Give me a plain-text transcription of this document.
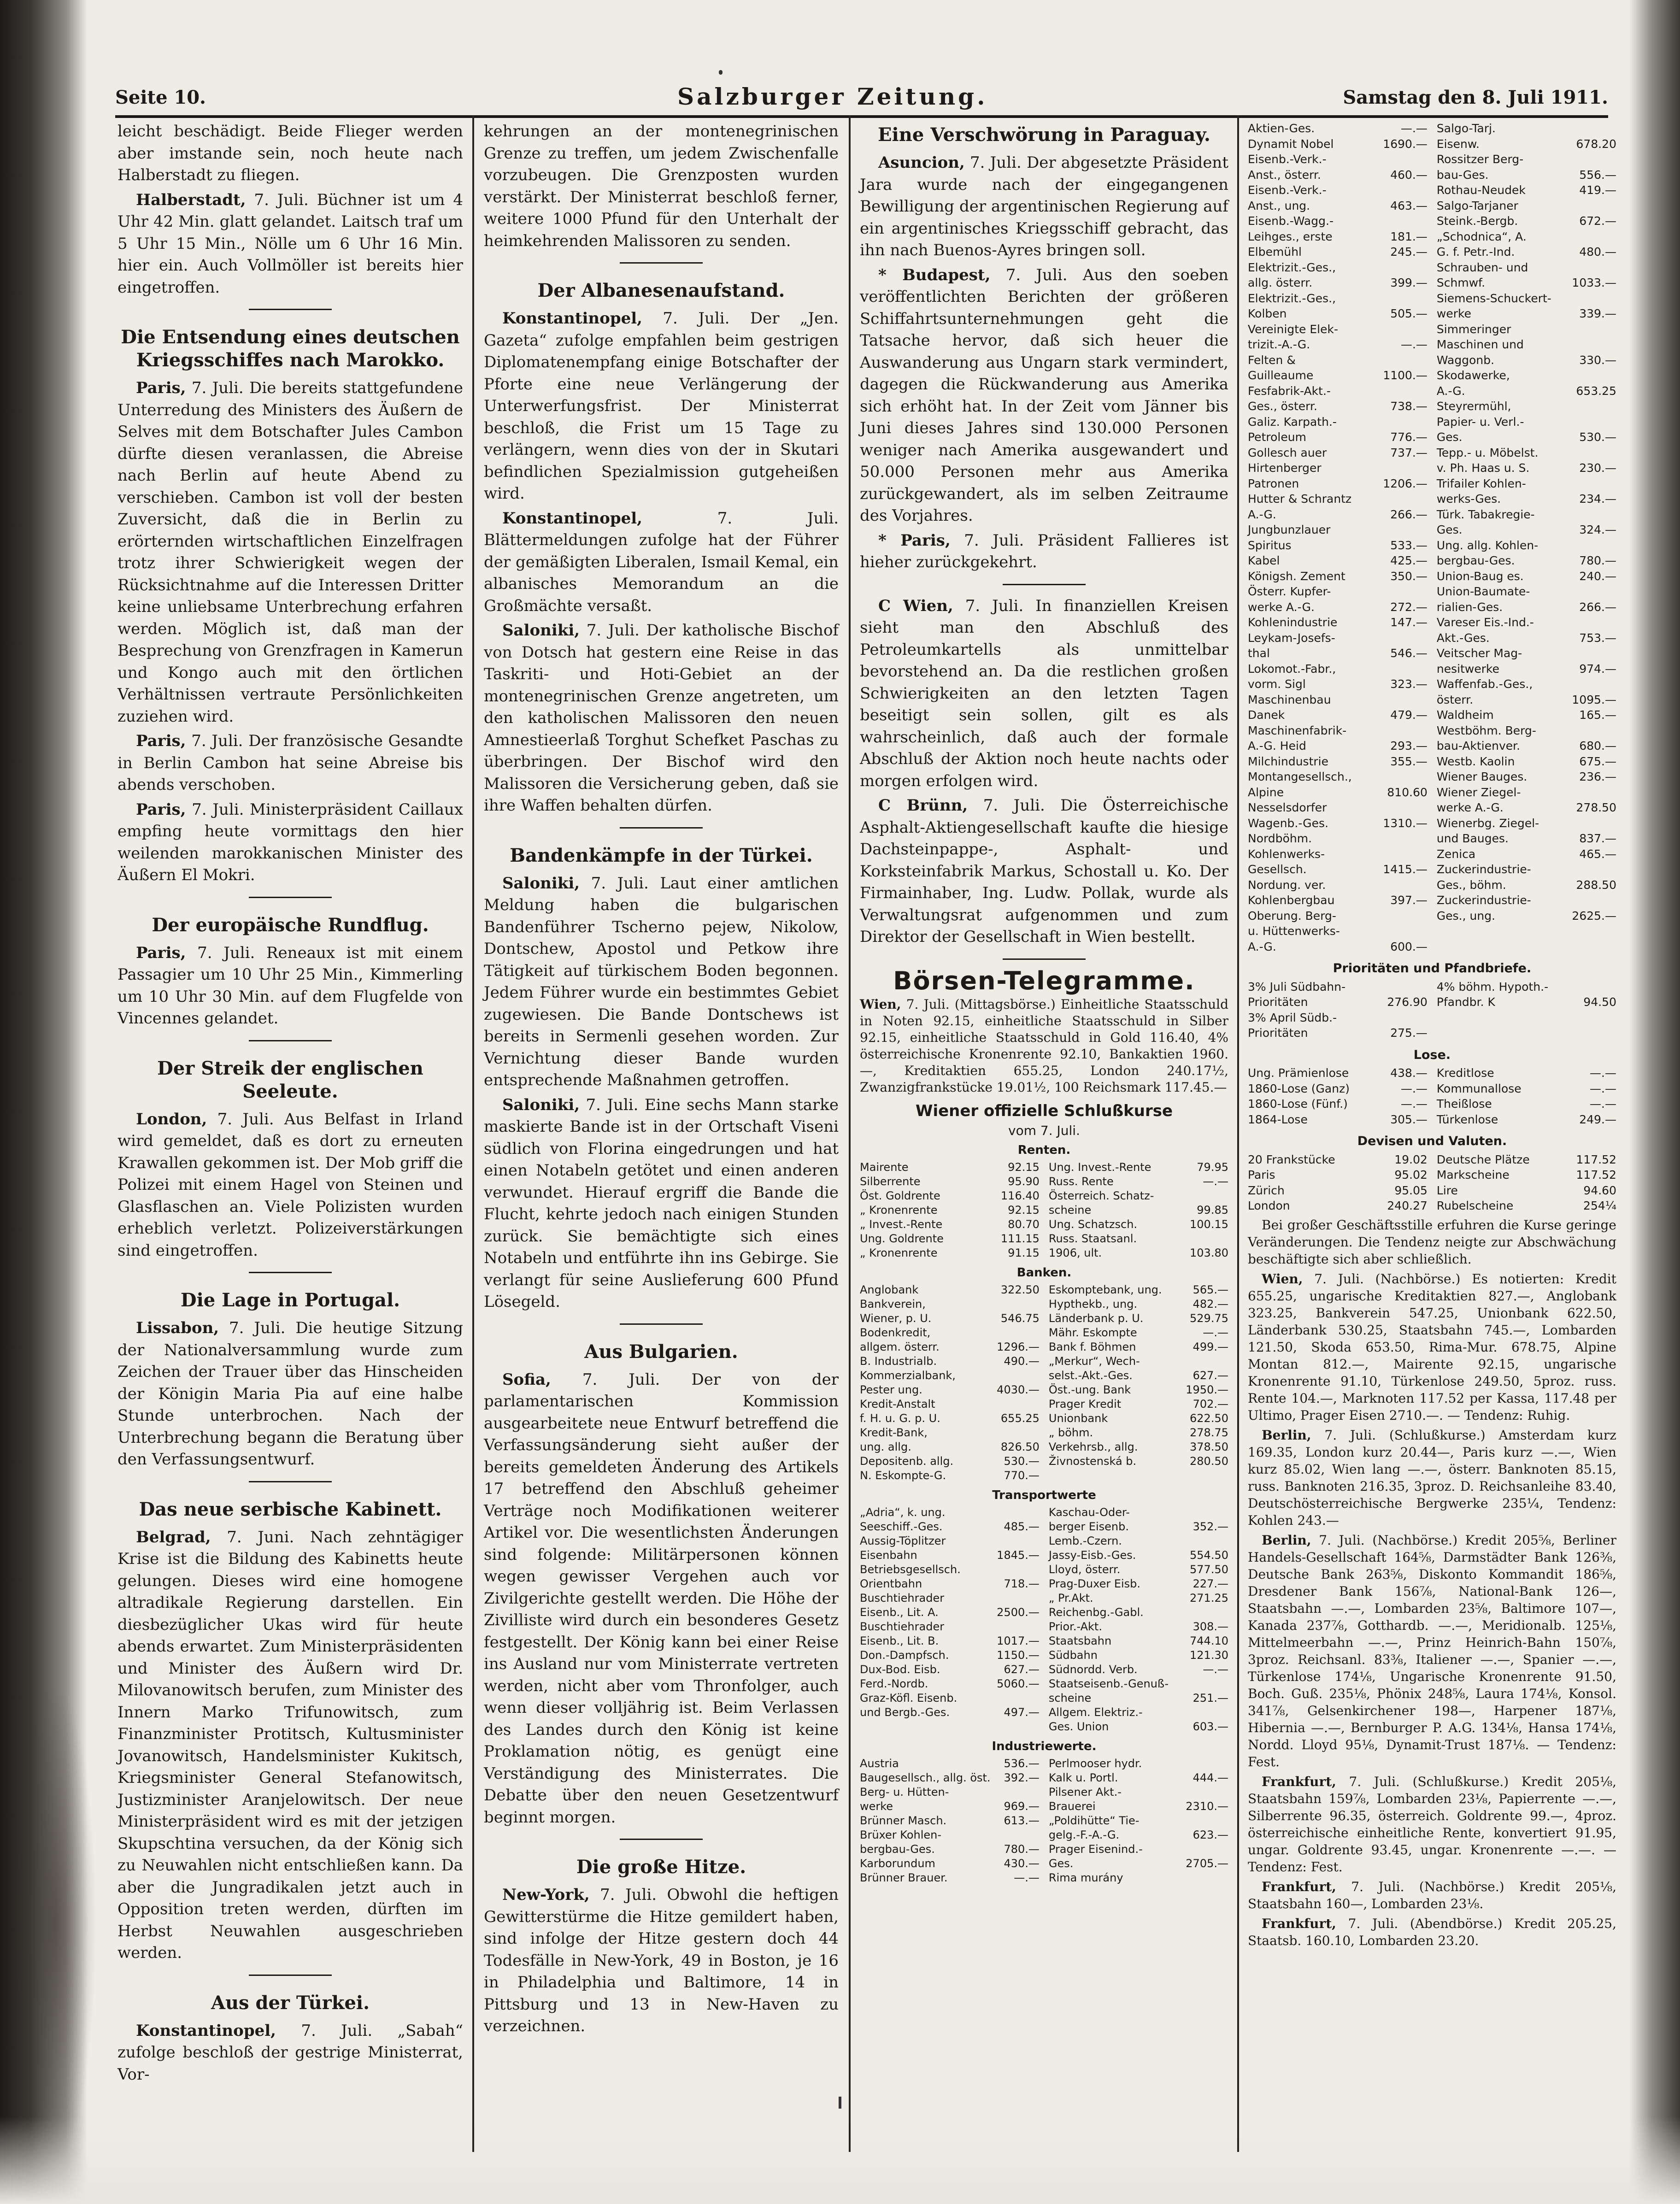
Seite 10.	Salzburger Zeitung.	Samstag den 8. Juli 1911.

leicht beschädigt. Beide Flieger werden aber imstande sein, noch heute nach Halberstadt zu fliegen.

Halberstadt, 7. Juli. Büchner ist um 4 Uhr 42 Min. glatt gelandet. Laitsch traf um 5 Uhr 15 Min., Nölle um 6 Uhr 16 Min. hier ein. Auch Vollmöller ist bereits hier eingetroffen.

Die Entsendung eines deutschen Kriegsschiffes nach Marokko.

Paris, 7. Juli. Die bereits stattgefundene Unterredung des Ministers des Äußern de Selves mit dem Botschafter Jules Cambon dürfte diesen veranlassen, die Abreise nach Berlin auf heute Abend zu verschieben. Cambon ist voll der besten Zuversicht, daß die in Berlin zu erörternden wirtschaftlichen Einzelfragen trotz ihrer Schwierigkeit wegen der Rücksichtnahme auf die Interessen Dritter keine unliebsame Unterbrechung erfahren werden. Möglich ist, daß man der Besprechung von Grenzfragen in Kamerun und Kongo auch mit den örtlichen Verhältnissen vertraute Persönlichkeiten zuziehen wird.

Paris, 7. Juli. Der französische Gesandte in Berlin Cambon hat seine Abreise bis abends verschoben.

Paris, 7. Juli. Ministerpräsident Caillaux empfing heute vormittags den hier weilenden marokkanischen Minister des Äußern El Mokri.

Der europäische Rundflug.

Paris, 7. Juli. Reneaux ist mit einem Passagier um 10 Uhr 25 Min., Kimmerling um 10 Uhr 30 Min. auf dem Flugfelde von Vincennes gelandet.

Der Streik der englischen Seeleute.

London, 7. Juli. Aus Belfast in Irland wird gemeldet, daß es dort zu erneuten Krawallen gekommen ist. Der Mob griff die Polizei mit einem Hagel von Steinen und Glasflaschen an. Viele Polizisten wurden erheblich verletzt. Polizeiverstärkungen sind eingetroffen.

Die Lage in Portugal.

Lissabon, 7. Juli. Die heutige Sitzung der Nationalversammlung wurde zum Zeichen der Trauer über das Hinscheiden der Königin Maria Pia auf eine halbe Stunde unterbrochen. Nach der Unterbrechung begann die Beratung über den Verfassungsentwurf.

Das neue serbische Kabinett.

Belgrad, 7. Juni. Nach zehntägiger Krise ist die Bildung des Kabinetts heute gelungen. Dieses wird eine homogene altradikale Regierung darstellen. Ein diesbezüglicher Ukas wird für heute abends erwartet. Zum Ministerpräsidenten und Minister des Äußern wird Dr. Milovanowitsch berufen, zum Minister des Innern Marko Trifunowitsch, zum Finanzminister Protitsch, Kultusminister Jovanowitsch, Handelsminister Kukitsch, Kriegsminister General Stefanowitsch, Justizminister Aranjelowitsch. Der neue Ministerpräsident wird es mit der jetzigen Skupschtina versuchen, da der König sich zu Neuwahlen nicht entschließen kann. Da aber die Jungradikalen jetzt auch in Opposition treten werden, dürften im Herbst Neuwahlen ausgeschrieben werden.

Aus der Türkei.

Konstantinopel, 7. Juli. „Sabah“ zufolge beschloß der gestrige Ministerrat, Vor-

kehrungen an der montenegrinischen Grenze zu treffen, um jedem Zwischenfalle vorzubeugen. Die Grenzposten wurden verstärkt. Der Ministerrat beschloß ferner, weitere 1000 Pfund für den Unterhalt der heimkehrenden Malissoren zu senden.

Der Albanesenaufstand.

Konstantinopel, 7. Juli. Der „Jen. Gazeta“ zufolge empfahlen beim gestrigen Diplomatenempfang einige Botschafter der Pforte eine neue Verlängerung der Unterwerfungsfrist. Der Ministerrat beschloß, die Frist um 15 Tage zu verlängern, wenn dies von der in Skutari befindlichen Spezialmission gutgeheißen wird.

Konstantinopel, 7. Juli. Blättermeldungen zufolge hat der Führer der gemäßigten Liberalen, Ismail Kemal, ein albanisches Memorandum an die Großmächte versaßt.

Saloniki, 7. Juli. Der katholische Bischof von Dotsch hat gestern eine Reise in das Taskriti- und Hoti-Gebiet an der montenegrinischen Grenze angetreten, um den katholischen Malissoren den neuen Amnestieerlaß Torghut Schefket Paschas zu überbringen. Der Bischof wird den Malissoren die Versicherung geben, daß sie ihre Waffen behalten dürfen.

Bandenkämpfe in der Türkei.

Saloniki, 7. Juli. Laut einer amtlichen Meldung haben die bulgarischen Bandenführer Tscherno pejew, Nikolow, Dontschew, Apostol und Petkow ihre Tätigkeit auf türkischem Boden begonnen. Jedem Führer wurde ein bestimmtes Gebiet zugewiesen. Die Bande Dontschews ist bereits in Sermenli gesehen worden. Zur Vernichtung dieser Bande wurden entsprechende Maßnahmen getroffen.

Saloniki, 7. Juli. Eine sechs Mann starke maskierte Bande ist in der Ortschaft Viseni südlich von Florina eingedrungen und hat einen Notabeln getötet und einen anderen verwundet. Hierauf ergriff die Bande die Flucht, kehrte jedoch nach einigen Stunden zurück. Sie bemächtigte sich eines Notabeln und entführte ihn ins Gebirge. Sie verlangt für seine Auslieferung 600 Pfund Lösegeld.

Aus Bulgarien.

Sofia, 7. Juli. Der von der parlamentarischen Kommission ausgearbeitete neue Entwurf betreffend die Verfassungsänderung sieht außer der bereits gemeldeten Änderung des Artikels 17 betreffend den Abschluß geheimer Verträge noch Modifikationen weiterer Artikel vor. Die wesentlichsten Änderungen sind folgende: Militärpersonen können wegen gewisser Vergehen auch vor Zivilgerichte gestellt werden. Die Höhe der Zivilliste wird durch ein besonderes Gesetz festgestellt. Der König kann bei einer Reise ins Ausland nur vom Ministerrate vertreten werden, nicht aber vom Thronfolger, auch wenn dieser volljährig ist. Beim Verlassen des Landes durch den König ist keine Proklamation nötig, es genügt eine Verständigung des Ministerrates. Die Debatte über den neuen Gesetzentwurf beginnt morgen.

Die große Hitze.

New-York, 7. Juli. Obwohl die heftigen Gewitterstürme die Hitze gemildert haben, sind infolge der Hitze gestern doch 44 Todesfälle in New-York, 49 in Boston, je 16 in Philadelphia und Baltimore, 14 in Pittsburg und 13 in New-Haven zu verzeichnen.

Eine Verschwörung in Paraguay.

Asuncion, 7. Juli. Der abgesetzte Präsident Jara wurde nach der eingegangenen Bewilligung der argentinischen Regierung auf ein argentinisches Kriegsschiff gebracht, das ihn nach Buenos-Ayres bringen soll.

* Budapest, 7. Juli. Aus den soeben veröffentlichten Berichten der größeren Schiffahrtsunternehmungen geht die Tatsache hervor, daß sich heuer die Auswanderung aus Ungarn stark vermindert, dagegen die Rückwanderung aus Amerika sich erhöht hat. In der Zeit vom Jänner bis Juni dieses Jahres sind 130.000 Personen weniger nach Amerika ausgewandert und 50.000 Personen mehr aus Amerika zurückgewandert, als im selben Zeitraume des Vorjahres.

* Paris, 7. Juli. Präsident Fallieres ist hieher zurückgekehrt.

C Wien, 7. Juli. In finanziellen Kreisen sieht man den Abschluß des Petroleumkartells als unmittelbar bevorstehend an. Da die restlichen großen Schwierigkeiten an den letzten Tagen beseitigt sein sollen, gilt es als wahrscheinlich, daß auch der formale Abschluß der Aktion noch heute nachts oder morgen erfolgen wird.

C Brünn, 7. Juli. Die Österreichische Asphalt-Aktiengesellschaft kaufte die hiesige Dachsteinpappe-, Asphalt- und Korksteinfabrik Markus, Schostall u. Ko. Der Firmainhaber, Ing. Ludw. Pollak, wurde als Verwaltungsrat aufgenommen und zum Direktor der Gesellschaft in Wien bestellt.

Börsen-Telegramme.

Wien, 7. Juli. (Mittagsbörse.) Einheitliche Staatsschuld in Noten 92.15, einheitliche Staatsschuld in Silber 92.15, einheitliche Staatsschuld in Gold 116.40, 4% österreichische Kronenrente 92.10, Bankaktien 1960.—, Kreditaktien 655.25, London 240.17½, Zwanzigfrankstücke 19.01½, 100 Reichsmark 117.45.—

Wiener offizielle Schlußkurse
vom 7. Juli.
Renten.
Mairente	92.15	Ung. Invest.-Rente	79.95
Silberrente	95.90	Russ. Rente	—.—
Öst. Goldrente	116.40	Österreich. Schatz-	
„ Kronenrente	92.15	scheine	99.85
„ Invest.-Rente	80.70	Ung. Schatzsch.	100.15
Ung. Goldrente	111.15	Russ. Staatsanl.	
„ Kronenrente	91.15	1906, ult.	103.80
Banken.
Anglobank	322.50	Eskomptebank, ung.	565.—
Bankverein,		Hypthekb., ung.	482.—
Wiener, p. U.	546.75	Länderbank p. U.	529.75
Bodenkredit,		Mähr. Eskompte	—.—
allgem. österr.	1296.—	Bank f. Böhmen	499.—
B. Industrialb.	490.—	„Merkur“, Wech-	
Kommerzialbank,		selst.-Akt.-Ges.	627.—
Pester ung.	4030.—	Öst.-ung. Bank	1950.—
Kredit-Anstalt		Prager Kredit	702.—
f. H. u. G. p. U.	655.25	Unionbank	622.50
Kredit-Bank,		„ böhm.	278.75
ung. allg.	826.50	Verkehrsb., allg.	378.50
Depositenb. allg.	530.—	Živnostenská b.	280.50
N. Eskompte-G.	770.—		
Transportwerte
„Adria“, k. ung.		Kaschau-Oder-	
Seeschiff.-Ges.	485.—	berger Eisenb.	352.—
Aussig-Töplitzer		Lemb.-Czern.	
Eisenbahn	1845.—	Jassy-Eisb.-Ges.	554.50
Betriebsgesellsch.		Lloyd, österr.	577.50
Orientbahn	718.—	Prag-Duxer Eisb.	227.—
Buschtiehrader		„ Pr.Akt.	271.25
Eisenb., Lit. A.	2500.—	Reichenbg.-Gabl.	
Buschtiehrader		Prior.-Akt.	308.—
Eisenb., Lit. B.	1017.—	Staatsbahn	744.10
Don.-Dampfsch.	1150.—	Südbahn	121.30
Dux-Bod. Eisb.	627.—	Südnordd. Verb.	—.—
Ferd.-Nordb.	5060.—	Staatseisenb.-Genuß-	
Graz-Köfl. Eisenb.		scheine	251.—
und Bergb.-Ges.	497.—	Allgem. Elektriz.-	
		Ges. Union	603.—
Industriewerte.
Austria	536.—	Perlmooser hydr.	
Baugesellsch., allg. öst.	392.—	Kalk u. Portl.	444.—
Berg- u. Hütten-		Pilsener Akt.-	
werke	969.—	Brauerei	2310.—
Brünner Masch.	613.—	„Poldihütte“ Tie-	
Brüxer Kohlen-		gelg.-F.-A.-G.	623.—
bergbau-Ges.	780.—	Prager Eisenind.-	
Karborundum	430.—	Ges.	2705.—
Brünner Brauer.	—.—	Rima murány	
Aktien-Ges.	—.—	Salgo-Tarj.	
Dynamit Nobel	1690.—	Eisenw.	678.20
Eisenb.-Verk.-		Rossitzer Berg-	
Anst., österr.	460.—	bau-Ges.	556.—
Eisenb.-Verk.-		Rothau-Neudek	419.—
Anst., ung.	463.—	Salgo-Tarjaner	
Eisenb.-Wagg.-		Steink.-Bergb.	672.—
Leihges., erste	181.—	„Schodnica“, A.	
Elbemühl	245.—	G. f. Petr.-Ind.	480.—
Elektrizit.-Ges.,		Schrauben- und	
allg. österr.	399.—	Schmwf.	1033.—
Elektrizit.-Ges.,		Siemens-Schuckert-	
Kolben	505.—	werke	339.—
Vereinigte Elek-		Simmeringer	
trizit.-A.-G.	—.—	Maschinen und	
Felten &		Waggonb.	330.—
Guilleaume	1100.—	Skodawerke,	
Fesfabrik-Akt.-		A.-G.	653.25
Ges., österr.	738.—	Steyrermühl,	
Galiz. Karpath.-		Papier- u. Verl.-	
Petroleum	776.—	Ges.	530.—
Gollesch auer	737.—	Tepp.- u. Möbelst.	
Hirtenberger		v. Ph. Haas u. S.	230.—
Patronen	1206.—	Trifailer Kohlen-	
Hutter & Schrantz		werks-Ges.	234.—
A.-G.	266.—	Türk. Tabakregie-	
Jungbunzlauer		Ges.	324.—
Spiritus	533.—	Ung. allg. Kohlen-	
Kabel	425.—	bergbau-Ges.	780.—
Königsh. Zement	350.—	Union-Baug es.	240.—
Österr. Kupfer-		Union-Baumate-	
werke A.-G.	272.—	rialien-Ges.	266.—
Kohlenindustrie	147.—	Vareser Eis.-Ind.-	
Leykam-Josefs-		Akt.-Ges.	753.—
thal	546.—	Veitscher Mag-	
Lokomot.-Fabr.,		nesitwerke	974.—
vorm. Sigl	323.—	Waffenfab.-Ges.,	
Maschinenbau		österr.	1095.—
Danek	479.—	Waldheim	165.—
Maschinenfabrik-		Westböhm. Berg-	
A.-G. Heid	293.—	bau-Aktienver.	680.—
Milchindustrie	355.—	Westb. Kaolin	675.—
Montangesellsch.,		Wiener Bauges.	236.—
Alpine	810.60	Wiener Ziegel-	
Nesselsdorfer		werke A.-G.	278.50
Wagenb.-Ges.	1310.—	Wienerbg. Ziegel-	
Nordböhm.		und Bauges.	837.—
Kohlenwerks-		Zenica	465.—
Gesellsch.	1415.—	Zuckerindustrie-	
Nordung. ver.		Ges., böhm.	288.50
Kohlenbergbau	397.—	Zuckerindustrie-	
Oberung. Berg-		Ges., ung.	2625.—
u. Hüttenwerks-			
A.-G.	600.—		
Prioritäten und Pfandbriefe.
3% Juli Südbahn-		4% böhm. Hypoth.-	
Prioritäten	276.90	Pfandbr. K	94.50
3% April Südb.-			
Prioritäten	275.—		
Lose.
Ung. Prämienlose	438.—	Kreditlose	—.—
1860-Lose (Ganz)	—.—	Kommunallose	—.—
1860-Lose (Fünf.)	—.—	Theißlose	—.—
1864-Lose	305.—	Türkenlose	249.—
Devisen und Valuten.
20 Frankstücke	19.02	Deutsche Plätze	117.52
Paris	95.02	Markscheine	117.52
Zürich	95.05	Lire	94.60
London	240.27	Rubelscheine	254¼

Bei großer Geschäftsstille erfuhren die Kurse geringe Veränderungen. Die Tendenz neigte zur Abschwächung beschäftigte sich aber schließlich.

Wien, 7. Juli. (Nachbörse.) Es notierten: Kredit 655.25, ungarische Kreditaktien 827.—, Anglobank 323.25, Bankverein 547.25, Unionbank 622.50, Länderbank 530.25, Staatsbahn 745.—, Lombarden 121.50, Skoda 653.50, Rima-Mur. 678.75, Alpine Montan 812.—, Mairente 92.15, ungarische Kronenrente 91.10, Türkenlose 249.50, 5proz. russ. Rente 104.—, Marknoten 117.52 per Kassa, 117.48 per Ultimo, Prager Eisen 2710.—. — Tendenz: Ruhig.

Berlin, 7. Juli. (Schlußkurse.) Amsterdam kurz 169.35, London kurz 20.44—, Paris kurz —.—, Wien kurz 85.02, Wien lang —.—, österr. Banknoten 85.15, russ. Banknoten 216.35, 3proz. D. Reichsanleihe 83.40, Deutschösterreichische Bergwerke 235¼, Tendenz: Kohlen 243.—

Berlin, 7. Juli. (Nachbörse.) Kredit 205⅝, Berliner Handels-Gesellschaft 164⅝, Darmstädter Bank 126⅜, Deutsche Bank 263⅝, Diskonto Kommandit 186⅝, Dresdener Bank 156⅞, National-Bank 126—, Staatsbahn —.—, Lombarden 23⅝, Baltimore 107—, Kanada 237⅞, Gotthardb. —.—, Meridionalb. 125⅛, Mittelmeerbahn —.—, Prinz Heinrich-Bahn 150⅞, 3proz. Reichsanl. 83⅜, Italiener —.—, Spanier —.—, Türkenlose 174⅛, Ungarische Kronenrente 91.50, Boch. Guß. 235⅛, Phönix 248⅝, Laura 174⅛, Konsol. 341⅞, Gelsenkirchener 198—, Harpener 187⅛, Hibernia —.—, Bernburger P. A.G. 134⅛, Hansa 174⅛, Nordd. Lloyd 95⅛, Dynamit-Trust 187⅛. — Tendenz: Fest.

Frankfurt, 7. Juli. (Schlußkurse.) Kredit 205⅛, Staatsbahn 159⅞, Lombarden 23⅛, Papierrente —.—, Silberrente 96.35, österreich. Goldrente 99.—, 4proz. österreichische einheitliche Rente, konvertiert 91.95, ungar. Goldrente 93.45, ungar. Kronenrente —.—. — Tendenz: Fest.

Frankfurt, 7. Juli. (Nachbörse.) Kredit 205⅛, Staatsbahn 160—, Lombarden 23⅛.

Frankfurt, 7. Juli. (Abendbörse.) Kredit 205.25, Staatsb. 160.10, Lombarden 23.20.
